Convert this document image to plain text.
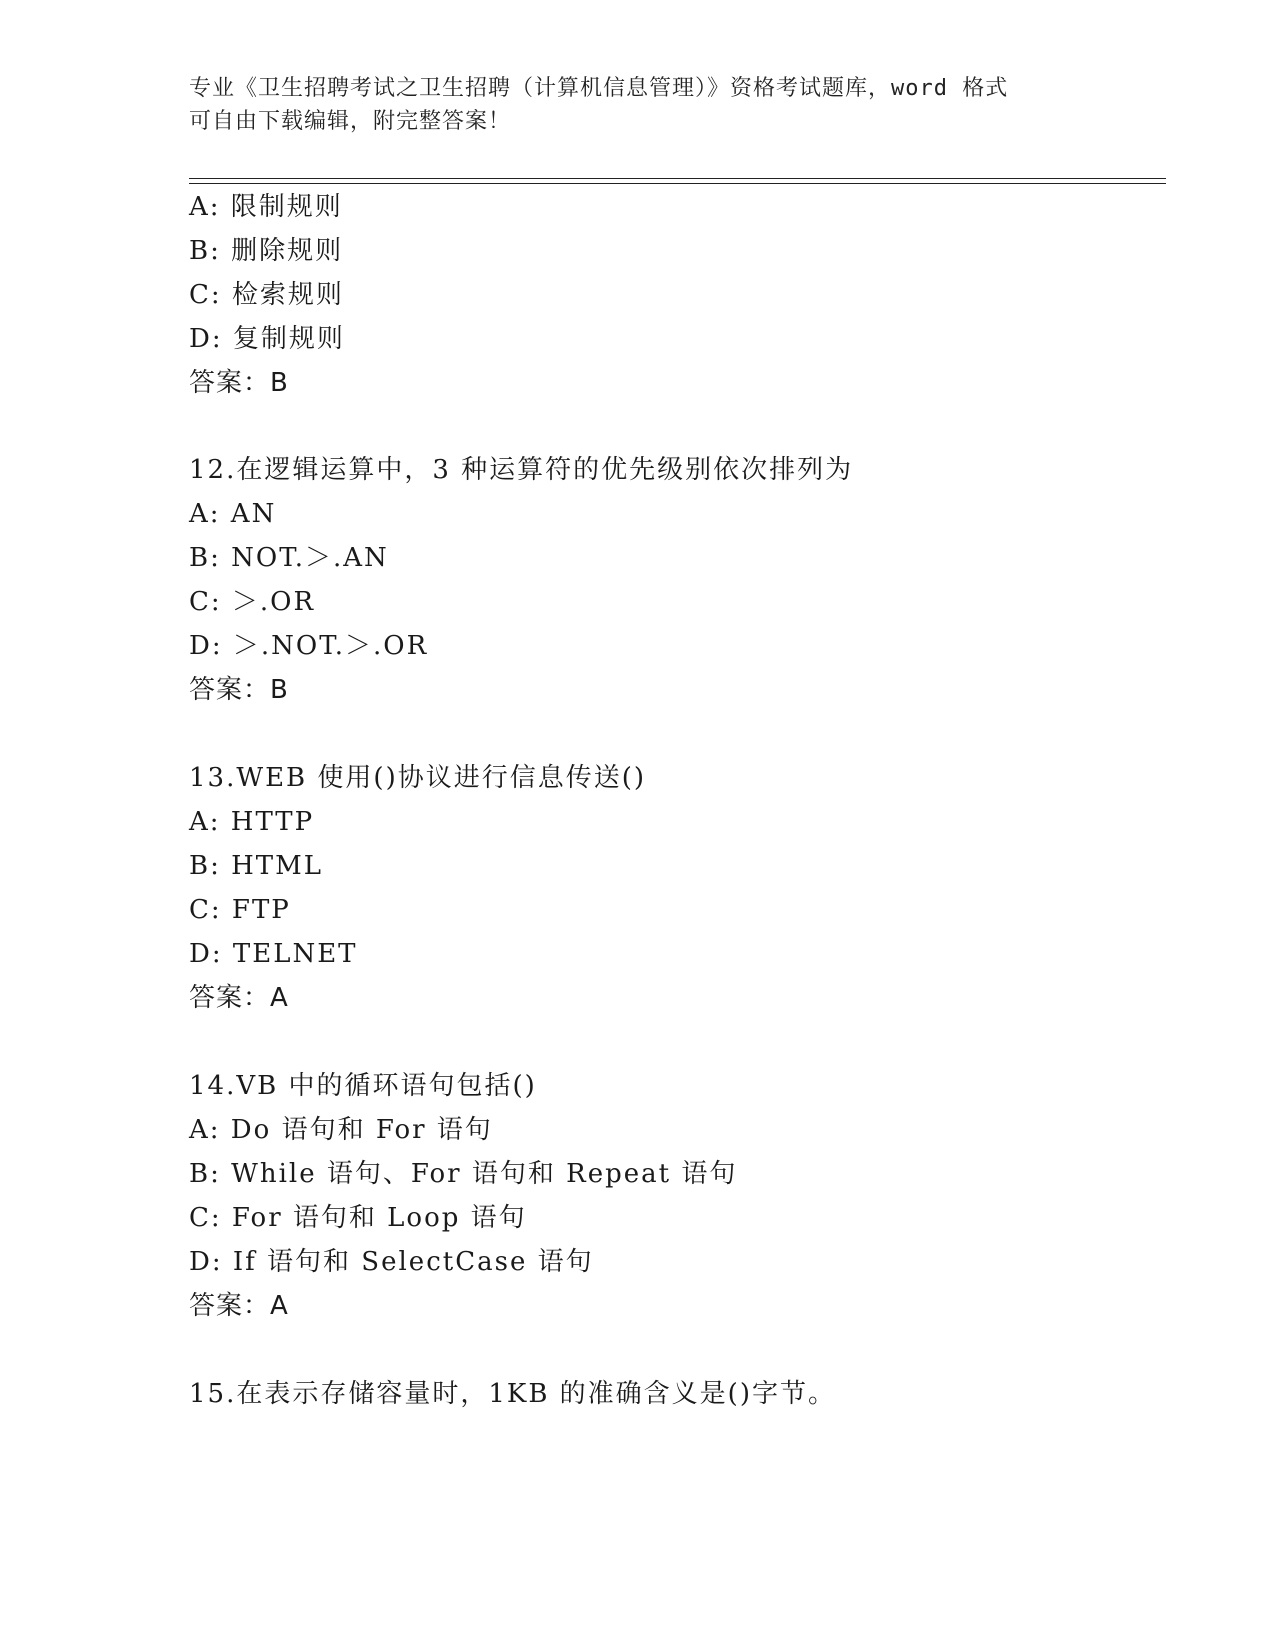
专业《卫生招聘考试之卫生招聘（计算机信息管理）》资格考试题库，word 格式
可自由下载编辑，附完整答案！
A: 限制规则
B: 删除规则
C: 检索规则
D: 复制规则
答案：B
12.在逻辑运算中，3 种运算符的优先级别依次排列为
A: AN
B: NOT.＞.AN
C: ＞.OR
D: ＞.NOT.＞.OR
答案：B
13.WEB 使用()协议进行信息传送()
A: HTTP
B: HTML
C: FTP
D: TELNET
答案：A
14.VB 中的循环语句包括()
A: Do 语句和 For 语句
B: While 语句、For 语句和 Repeat 语句
C: For 语句和 Loop 语句
D: If 语句和 SelectCase 语句
答案：A
15.在表示存储容量时，1KB 的准确含义是()字节。
